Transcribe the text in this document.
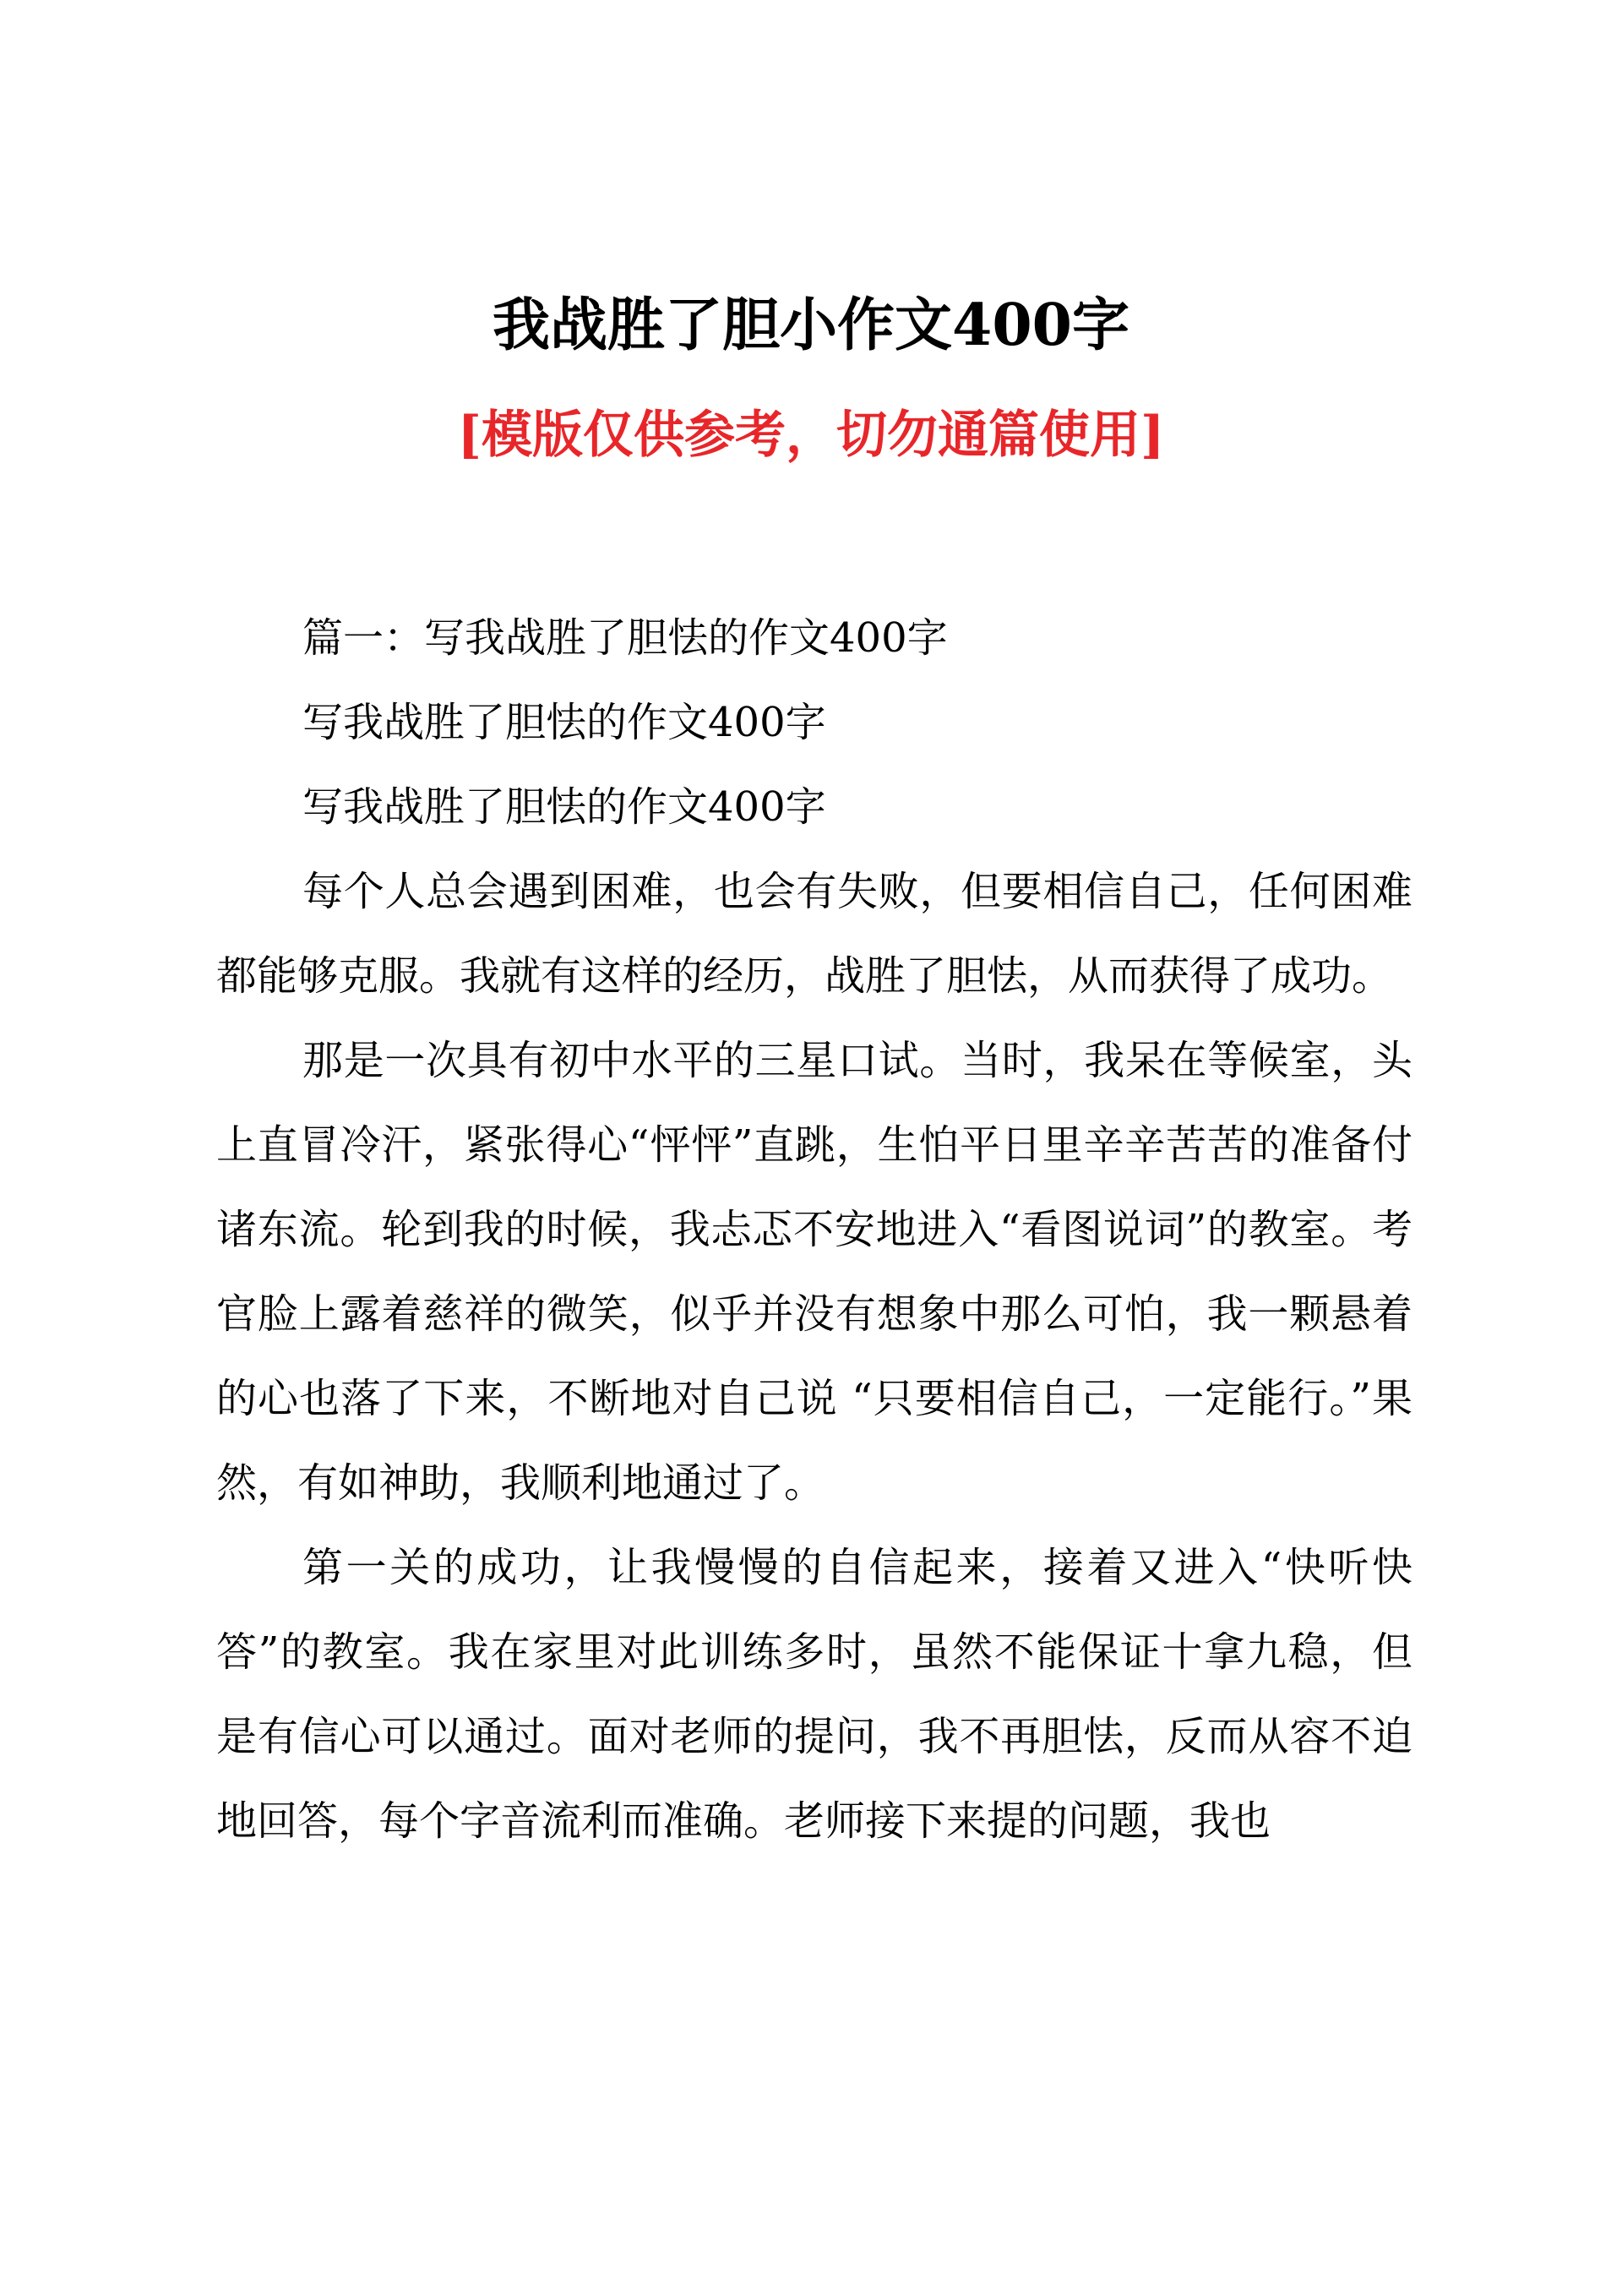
我战胜了胆小作文400字
[模版仅供参考，切勿通篇使用]

篇一：写我战胜了胆怯的作文400字

写我战胜了胆怯的作文400字

写我战胜了胆怯的作文400字

每个人总会遇到困难，也会有失败，但要相信自己，任何困难都能够克服。我就有这样的经历，战胜了胆怯，从而获得了成功。

那是一次具有初中水平的三星口试。当时，我呆在等候室，头上直冒冷汗，紧张得心“怦怦”直跳，生怕平日里辛辛苦苦的准备付诸东流。轮到我的时候，我忐忑不安地进入“看图说词”的教室。考官脸上露着慈祥的微笑，似乎并没有想象中那么可怕，我一颗悬着的心也落了下来，不断地对自己说 “只要相信自己，一定能行。”果然，有如神助，我顺利地通过了。

第一关的成功，让我慢慢的自信起来，接着又进入“快听快答”的教室。我在家里对此训练多时，虽然不能保证十拿九稳，但是有信心可以通过。面对老师的提问，我不再胆怯，反而从容不迫地回答，每个字音流利而准确。老师接下来提的问题，我也
